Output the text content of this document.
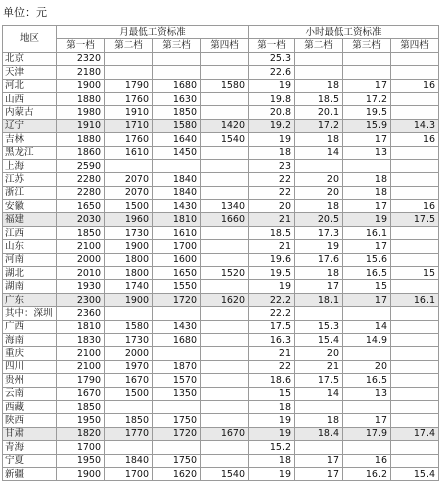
单位：元
地区	月最低工资标准				小时最低工资标准			
	第一档	第二档	第三档	第四档	第一档	第二档	第三档	第四档
北京	2320				25.3			
天津	2180				22.6			
河北	1900	1790	1680	1580	19	18	17	16
山西	1880	1760	1630		19.8	18.5	17.2	
内蒙古	1980	1910	1850		20.8	20.1	19.5	
辽宁	1910	1710	1580	1420	19.2	17.2	15.9	14.3
吉林	1880	1760	1640	1540	19	18	17	16
黑龙江	1860	1610	1450		18	14	13	
上海	2590				23			
江苏	2280	2070	1840		22	20	18	
浙江	2280	2070	1840		22	20	18	
安徽	1650	1500	1430	1340	20	18	17	16
福建	2030	1960	1810	1660	21	20.5	19	17.5
江西	1850	1730	1610		18.5	17.3	16.1	
山东	2100	1900	1700		21	19	17	
河南	2000	1800	1600		19.6	17.6	15.6	
湖北	2010	1800	1650	1520	19.5	18	16.5	15
湖南	1930	1740	1550		19	17	15	
广东	2300	1900	1720	1620	22.2	18.1	17	16.1
其中：深圳	2360				22.2			
广西	1810	1580	1430		17.5	15.3	14	
海南	1830	1730	1680		16.3	15.4	14.9	
重庆	2100	2000			21	20		
四川	2100	1970	1870		22	21	20	
贵州	1790	1670	1570		18.6	17.5	16.5	
云南	1670	1500	1350		15	14	13	
西藏	1850				18			
陕西	1950	1850	1750		19	18	17	
甘肃	1820	1770	1720	1670	19	18.4	17.9	17.4
青海	1700				15.2			
宁夏	1950	1840	1750		18	17	16	
新疆	1900	1700	1620	1540	19	17	16.2	15.4
